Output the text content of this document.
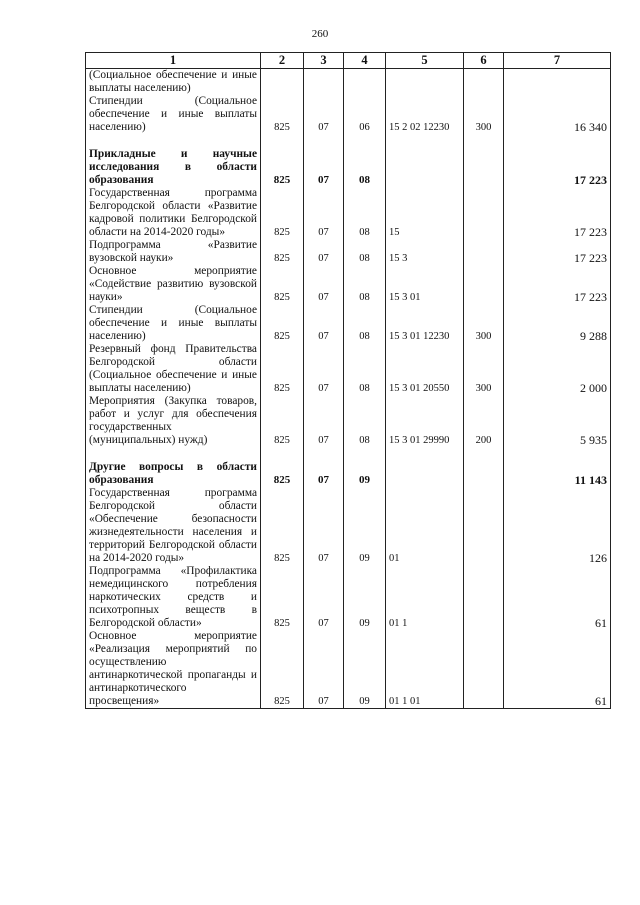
260
1	2	3	4	5	6	7
(Социальное обеспечение и иные выплаты населению)						
Стипендии (Социальное обеспечение и иные выплаты населению)	825	07	06	15 2 02 12230	300	16 340
Прикладные и научные исследования в области образования	825	07	08			17 223
Государственная программа Белгородской области «Развитие кадровой политики Белгородской области на 2014-2020 годы»	825	07	08	15		17 223
Подпрограмма «Развитие вузовской науки»	825	07	08	15 3		17 223
Основное мероприятие «Содействие развитию вузовской науки»	825	07	08	15 3 01		17 223
Стипендии (Социальное обеспечение и иные выплаты населению)	825	07	08	15 3 01 12230	300	9 288
Резервный фонд Правительства Белгородской области (Социальное обеспечение и иные выплаты населению)	825	07	08	15 3 01 20550	300	2 000
Мероприятия (Закупка товаров, работ и услуг для обеспечения государственных (муниципальных) нужд)	825	07	08	15 3 01 29990	200	5 935
Другие вопросы в области образования	825	07	09			11 143
Государственная программа Белгородской области «Обеспечение безопасности жизнедеятельности населения и территорий Белгородской области на 2014-2020 годы»	825	07	09	01		126
Подпрограмма «Профилактика немедицинского потребления наркотических средств и психотропных веществ в Белгородской области»	825	07	09	01 1		61
Основное мероприятие «Реализация мероприятий по осуществлению антинаркотической пропаганды и антинаркотического просвещения»	825	07	09	01 1 01		61
